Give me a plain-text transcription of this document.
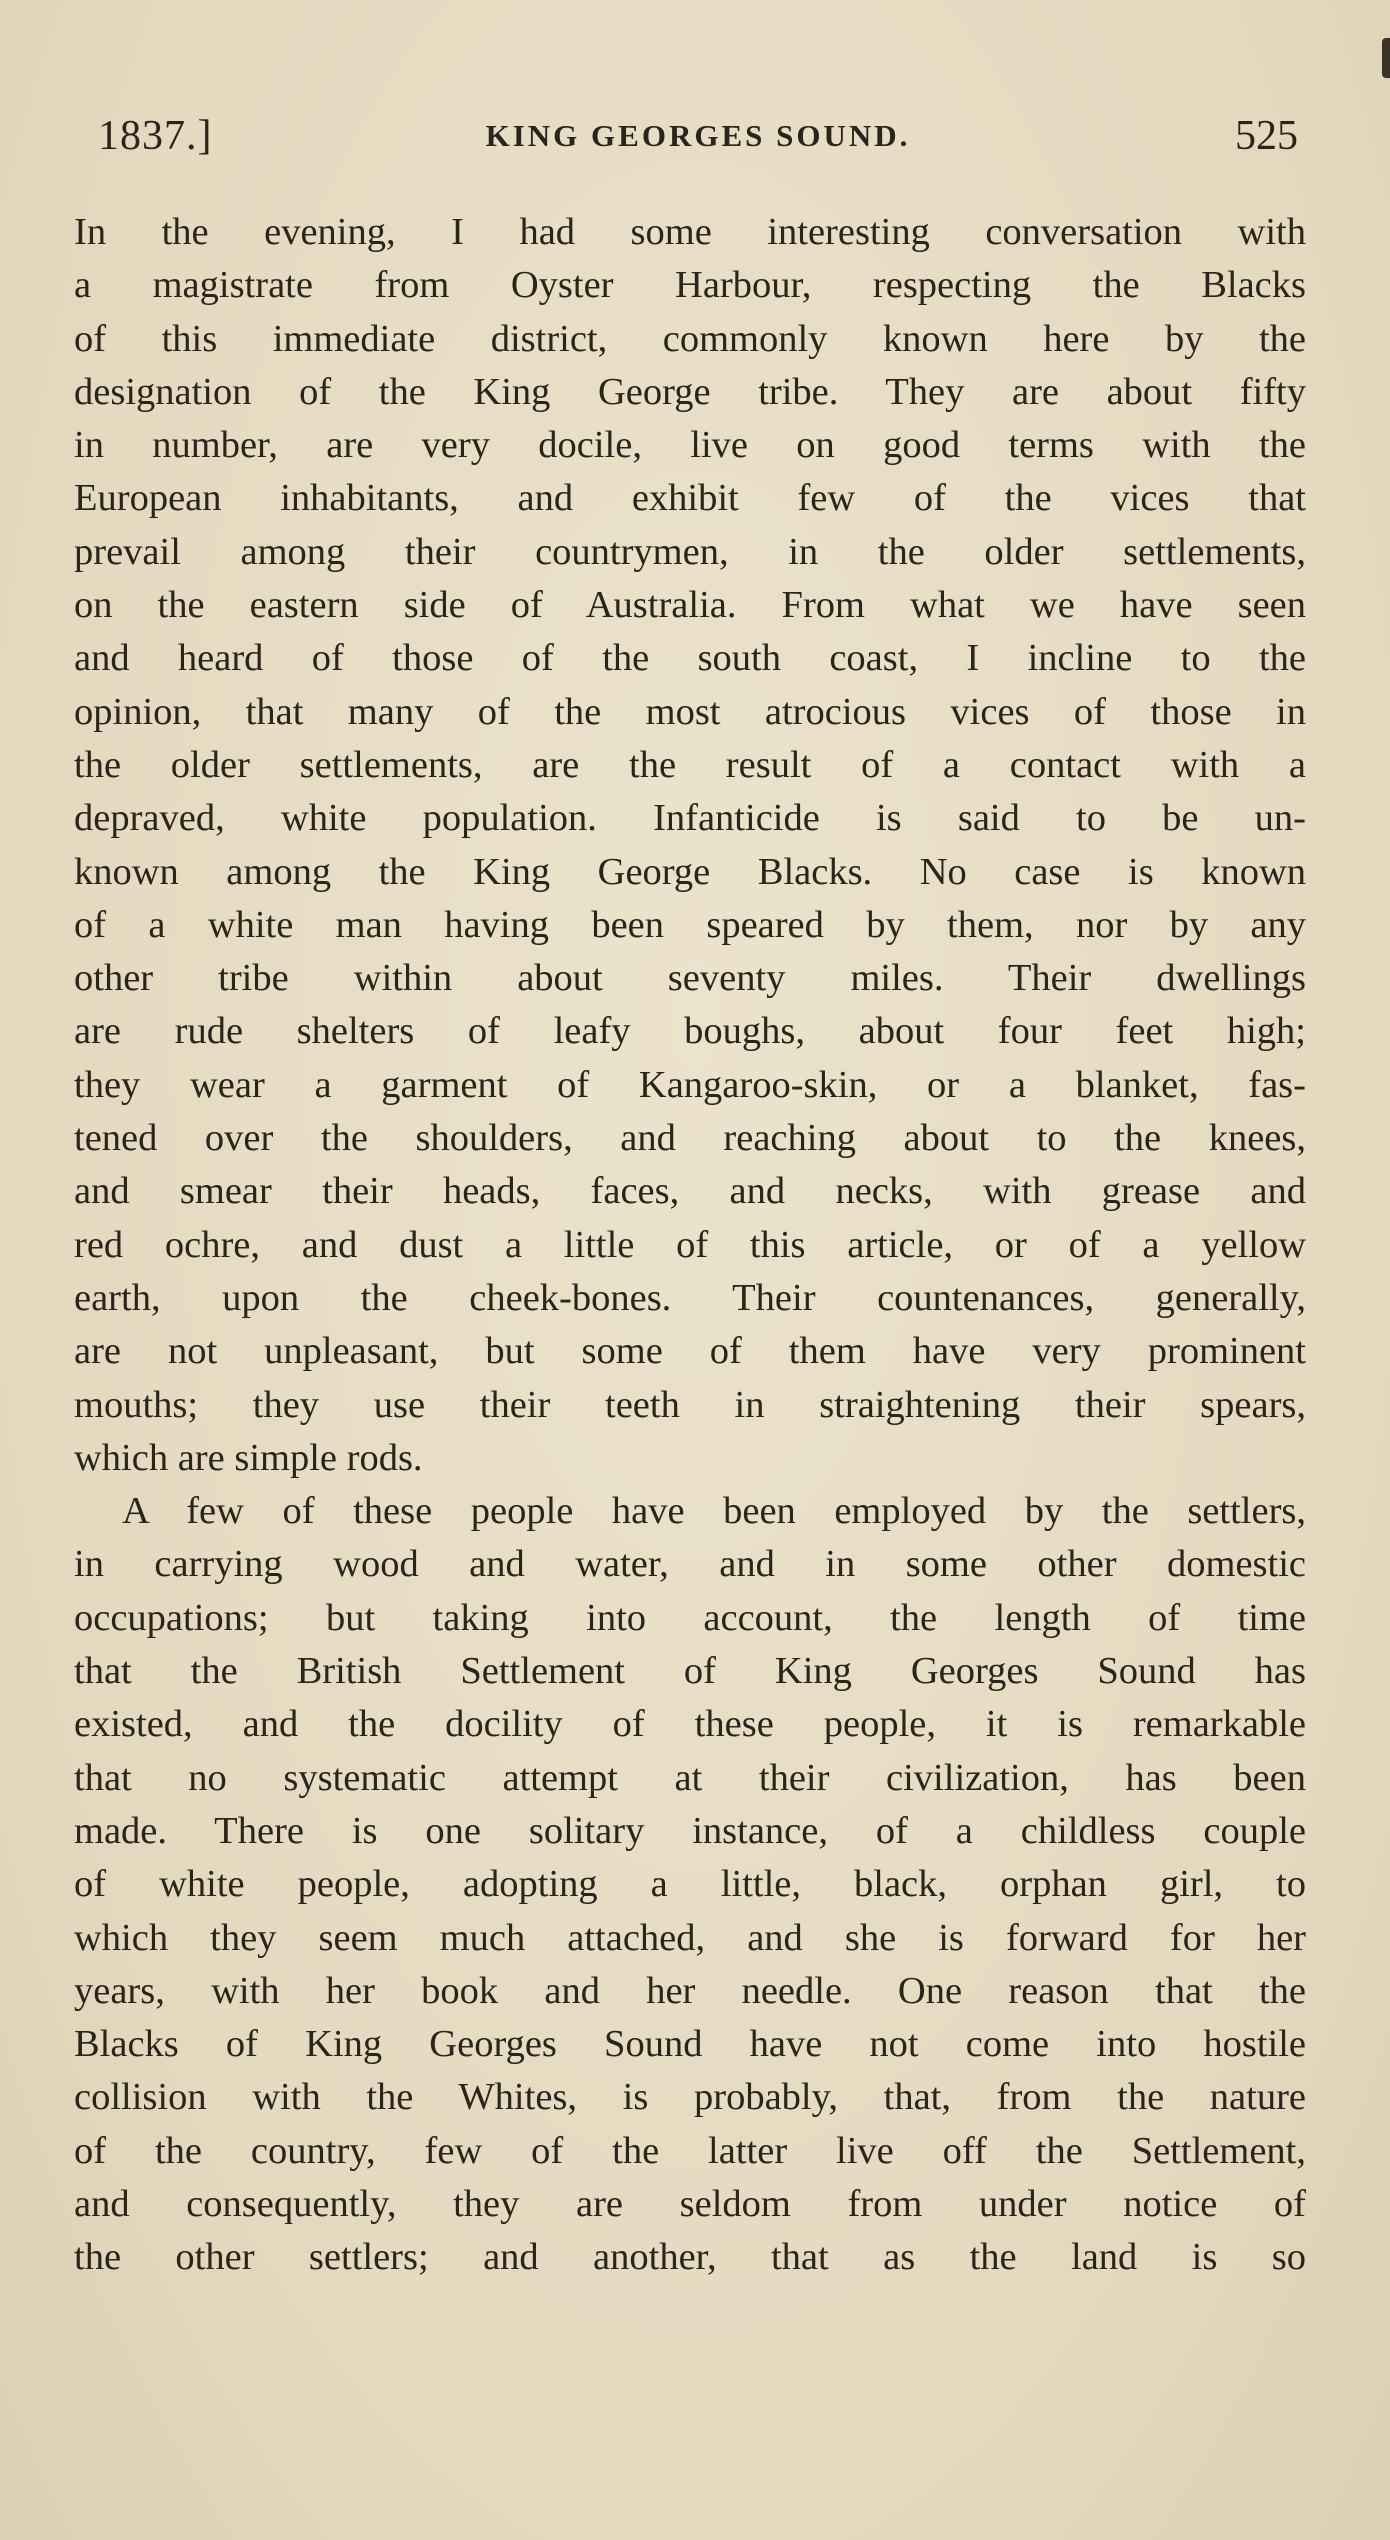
1837.]	KING GEORGES SOUND.	525
In the evening, I had some interesting conversation with
a magistrate from Oyster Harbour, respecting the Blacks
of this immediate district, commonly known here by the
designation of the King George tribe. They are about fifty
in number, are very docile, live on good terms with the
European inhabitants, and exhibit few of the vices that
prevail among their countrymen, in the older settlements,
on the eastern side of Australia. From what we have seen
and heard of those of the south coast, I incline to the
opinion, that many of the most atrocious vices of those in
the older settlements, are the result of a contact with a
depraved, white population. Infanticide is said to be un-
known among the King George Blacks. No case is known
of a white man having been speared by them, nor by any
other tribe within about seventy miles. Their dwellings
are rude shelters of leafy boughs, about four feet high;
they wear a garment of Kangaroo-skin, or a blanket, fas-
tened over the shoulders, and reaching about to the knees,
and smear their heads, faces, and necks, with grease and
red ochre, and dust a little of this article, or of a yellow
earth, upon the cheek-bones. Their countenances, generally,
are not unpleasant, but some of them have very prominent
mouths; they use their teeth in straightening their spears,
which are simple rods.
A few of these people have been employed by the settlers,
in carrying wood and water, and in some other domestic
occupations; but taking into account, the length of time
that the British Settlement of King Georges Sound has
existed, and the docility of these people, it is remarkable
that no systematic attempt at their civilization, has been
made. There is one solitary instance, of a childless couple
of white people, adopting a little, black, orphan girl, to
which they seem much attached, and she is forward for her
years, with her book and her needle. One reason that the
Blacks of King Georges Sound have not come into hostile
collision with the Whites, is probably, that, from the nature
of the country, few of the latter live off the Settlement,
and consequently, they are seldom from under notice of
the other settlers; and another, that as the land is so
